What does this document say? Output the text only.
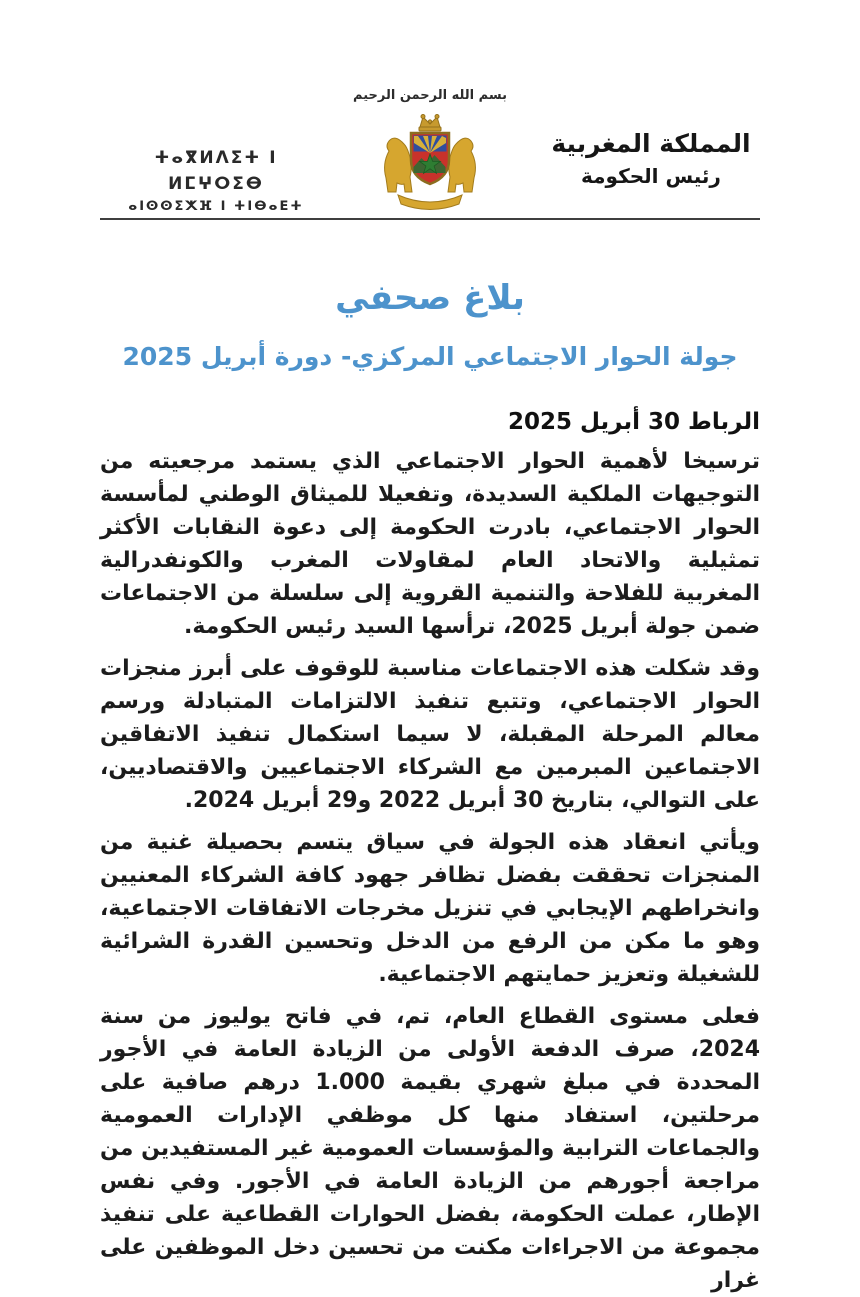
بسم الله الرحمن الرحيم
ⵜⴰⴳⵍⴷⵉⵜ ⵏ ⵍⵎⵖⵔⵉⴱ
ⴰⵏⵙⵙⵉⵅⴼ ⵏ ⵜⵏⴱⴰⴹⵜ
المملكة المغربية
رئيس الحكومة
بلاغ صحفي
جولة الحوار الاجتماعي المركزي- دورة أبريل 2025
الرباط 30 أبريل 2025

ترسيخا لأهمية الحوار الاجتماعي الذي يستمد مرجعيته من التوجيهات الملكية السديدة، وتفعيلا للميثاق الوطني لمأسسة الحوار الاجتماعي، بادرت الحكومة إلى دعوة النقابات الأكثر تمثيلية والاتحاد العام لمقاولات المغرب والكونفدرالية المغربية للفلاحة والتنمية القروية إلى سلسلة من الاجتماعات ضمن جولة أبريل 2025، ترأسها السيد رئيس الحكومة.

وقد شكلت هذه الاجتماعات مناسبة للوقوف على أبرز منجزات الحوار الاجتماعي، وتتبع تنفيذ الالتزامات المتبادلة ورسم معالم المرحلة المقبلة، لا سيما استكمال تنفيذ الاتفاقين الاجتماعين المبرمين مع الشركاء الاجتماعيين والاقتصاديين، على التوالي، بتاريخ 30 أبريل 2022 و29 أبريل 2024.

ويأتي انعقاد هذه الجولة في سياق يتسم بحصيلة غنية من المنجزات تحققت بفضل تظافر جهود كافة الشركاء المعنيين وانخراطهم الإيجابي في تنزيل مخرجات الاتفاقات الاجتماعية، وهو ما مكن من الرفع من الدخل وتحسين القدرة الشرائية للشغيلة وتعزيز حمايتهم الاجتماعية.

فعلى مستوى القطاع العام، تم، في فاتح يوليوز من سنة 2024، صرف الدفعة الأولى من الزيادة العامة في الأجور المحددة في مبلغ شهري بقيمة 1.000 درهم صافية على مرحلتين، استفاد منها كل موظفي الإدارات العمومية والجماعات الترابية والمؤسسات العمومية غير المستفيدين من مراجعة أجورهم من الزيادة العامة في الأجور. وفي نفس الإطار، عملت الحكومة، بفضل الحوارات القطاعية على تنفيذ مجموعة من الاجراءات مكنت من تحسين دخل الموظفين على غرار
